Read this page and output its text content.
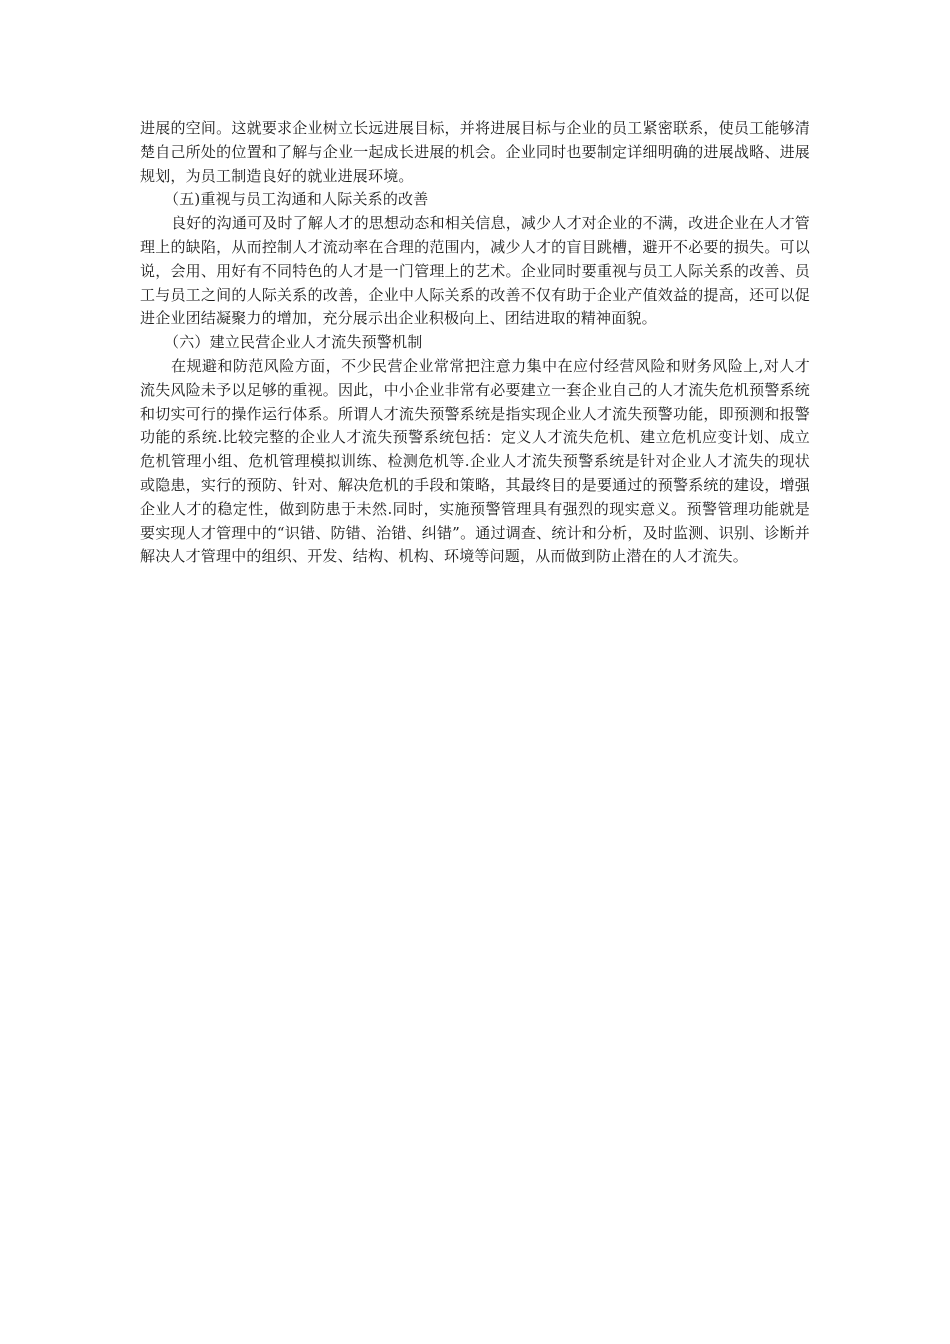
进展的空间。这就要求企业树立长远进展目标，并将进展目标与企业的员工紧密联系，使员工能够清楚自己所处的位置和了解与企业一起成长进展的机会。企业同时也要制定详细明确的进展战略、进展规划，为员工制造良好的就业进展环境。

（五)重视与员工沟通和人际关系的改善

良好的沟通可及时了解人才的思想动态和相关信息，减少人才对企业的不满，改进企业在人才管理上的缺陷，从而控制人才流动率在合理的范围内，减少人才的盲目跳槽，避开不必要的损失。可以说，会用、用好有不同特色的人才是一门管理上的艺术。企业同时要重视与员工人际关系的改善、员工与员工之间的人际关系的改善，企业中人际关系的改善不仅有助于企业产值效益的提高，还可以促进企业团结凝聚力的增加，充分展示出企业积极向上、团结进取的精神面貌。

（六）建立民营企业人才流失预警机制

在规避和防范风险方面，不少民营企业常常把注意力集中在应付经营风险和财务风险上,对人才流失风险未予以足够的重视。因此，中小企业非常有必要建立一套企业自己的人才流失危机预警系统和切实可行的操作运行体系。所谓人才流失预警系统是指实现企业人才流失预警功能，即预测和报警功能的系统.比较完整的企业人才流失预警系统包括：定义人才流失危机、建立危机应变计划、成立危机管理小组、危机管理模拟训练、检测危机等.企业人才流失预警系统是针对企业人才流失的现状或隐患，实行的预防、针对、解决危机的手段和策略，其最终目的是要通过的预警系统的建设，增强企业人才的稳定性，做到防患于未然.同时，实施预警管理具有强烈的现实意义。预警管理功能就是要实现人才管理中的“识错、防错、治错、纠错”。通过调查、统计和分析，及时监测、识别、诊断并解决人才管理中的组织、开发、结构、机构、环境等问题，从而做到防止潜在的人才流失。
